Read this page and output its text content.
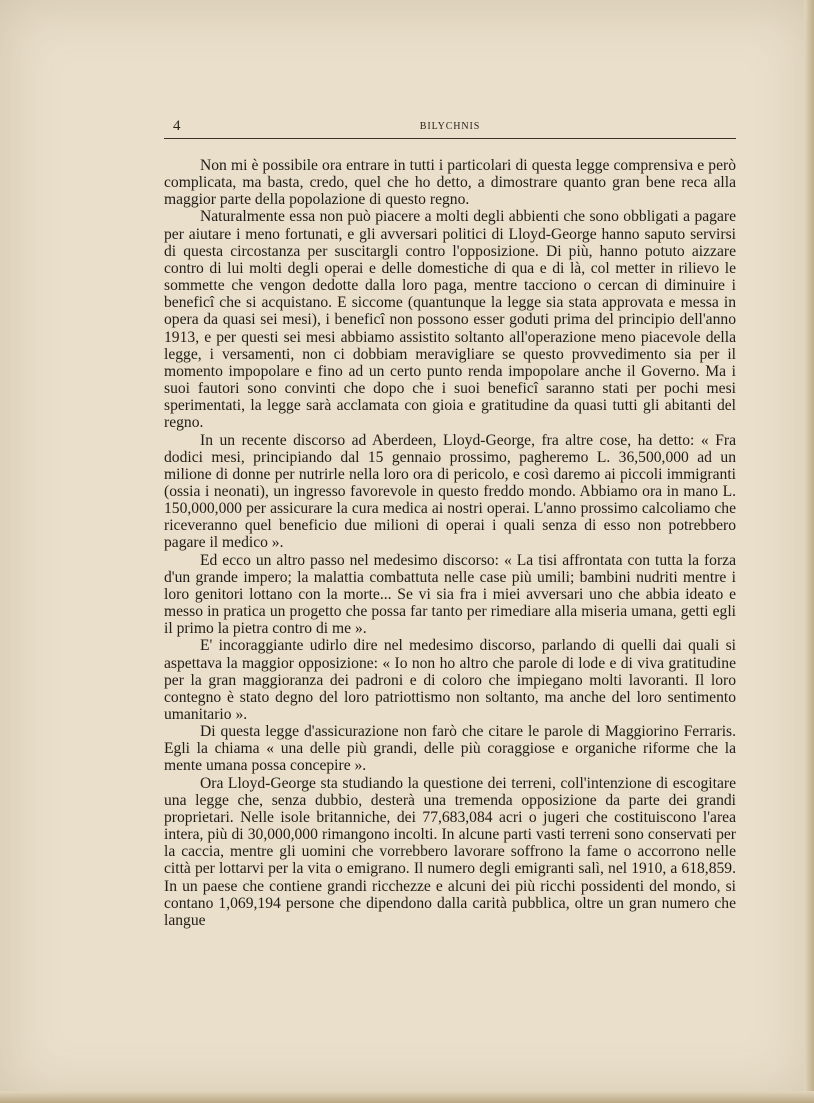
4	BILYCHNIS

Non mi è possibile ora entrare in tutti i particolari di questa legge comprensiva e però complicata, ma basta, credo, quel che ho detto, a dimostrare quanto gran bene reca alla maggior parte della popolazione di questo regno.

Naturalmente essa non può piacere a molti degli abbienti che sono obbligati a pagare per aiutare i meno fortunati, e gli avversari politici di Lloyd-George hanno saputo servirsi di questa circostanza per suscitargli contro l'opposizione. Di più, hanno potuto aizzare contro di lui molti degli operai e delle domestiche di qua e di là, col metter in rilievo le sommette che vengon dedotte dalla loro paga, mentre tacciono o cercan di diminuire i beneficî che si acquistano. E siccome (quantunque la legge sia stata approvata e messa in opera da quasi sei mesi), i beneficî non possono esser goduti prima del principio dell'anno 1913, e per questi sei mesi abbiamo assistito soltanto all'operazione meno piacevole della legge, i versamenti, non ci dobbiam meravigliare se questo provvedimento sia per il momento impopolare e fino ad un certo punto renda impopolare anche il Governo. Ma i suoi fautori sono convinti che dopo che i suoi beneficî saranno stati per pochi mesi sperimentati, la legge sarà acclamata con gioia e gratitudine da quasi tutti gli abitanti del regno.

In un recente discorso ad Aberdeen, Lloyd-George, fra altre cose, ha detto: « Fra dodici mesi, principiando dal 15 gennaio prossimo, pagheremo L. 36,500,000 ad un milione di donne per nutrirle nella loro ora di pericolo, e così daremo ai piccoli immigranti (ossia i neonati), un ingresso favorevole in questo freddo mondo. Abbiamo ora in mano L. 150,000,000 per assicurare la cura medica ai nostri operai. L'anno prossimo calcoliamo che riceveranno quel beneficio due milioni di operai i quali senza di esso non potrebbero pagare il medico ».

Ed ecco un altro passo nel medesimo discorso: « La tisi affrontata con tutta la forza d'un grande impero; la malattia combattuta nelle case più umili; bambini nudriti mentre i loro genitori lottano con la morte... Se vi sia fra i miei avversari uno che abbia ideato e messo in pratica un progetto che possa far tanto per rimediare alla miseria umana, getti egli il primo la pietra contro di me ».

E' incoraggiante udirlo dire nel medesimo discorso, parlando di quelli dai quali si aspettava la maggior opposizione: « Io non ho altro che parole di lode e di viva gratitudine per la gran maggioranza dei padroni e di coloro che impiegano molti lavoranti. Il loro contegno è stato degno del loro patriottismo non soltanto, ma anche del loro sentimento umanitario ».

Di questa legge d'assicurazione non farò che citare le parole di Maggiorino Ferraris. Egli la chiama « una delle più grandi, delle più coraggiose e organiche riforme che la mente umana possa concepire ».

Ora Lloyd-George sta studiando la questione dei terreni, coll'intenzione di escogitare una legge che, senza dubbio, desterà una tremenda opposizione da parte dei grandi proprietari. Nelle isole britanniche, dei 77,683,084 acri o jugeri che costituiscono l'area intera, più di 30,000,000 rimangono incolti. In alcune parti vasti terreni sono conservati per la caccia, mentre gli uomini che vorrebbero lavorare soffrono la fame o accorrono nelle città per lottarvi per la vita o emigrano. Il numero degli emigranti salì, nel 1910, a 618,859. In un paese che contiene grandi ricchezze e alcuni dei più ricchi possidenti del mondo, si contano 1,069,194 persone che dipendono dalla carità pubblica, oltre un gran numero che langue
